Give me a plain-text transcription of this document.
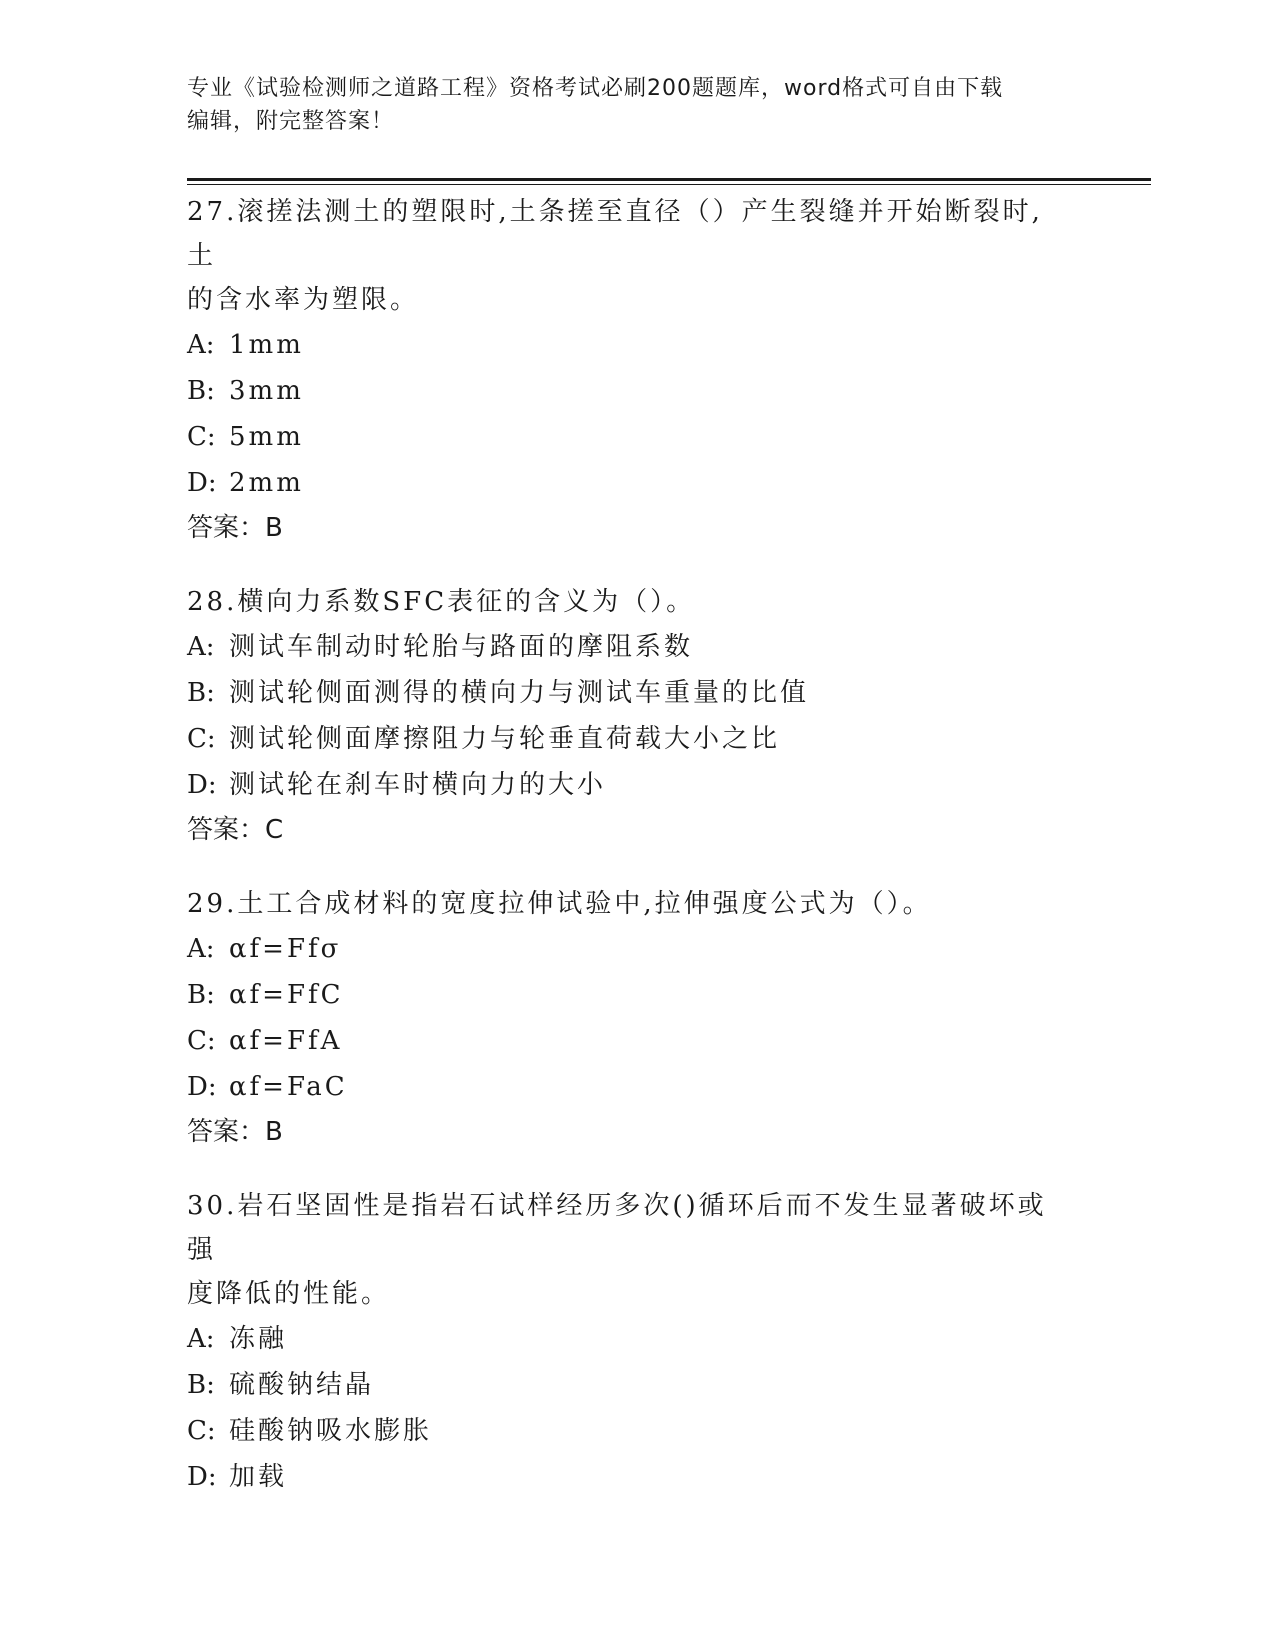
专业《试验检测师之道路工程》资格考试必刷200题题库，word格式可自由下载
编辑，附完整答案！
27.滚搓法测土的塑限时,土条搓至直径（）产生裂缝并开始断裂时,土
的含水率为塑限。
A: 1mm
B: 3mm
C: 5mm
D: 2mm
答案：B
28.横向力系数SFC表征的含义为（）。
A: 测试车制动时轮胎与路面的摩阻系数
B: 测试轮侧面测得的横向力与测试车重量的比值
C: 测试轮侧面摩擦阻力与轮垂直荷载大小之比
D: 测试轮在刹车时横向力的大小
答案：C
29.土工合成材料的宽度拉伸试验中,拉伸强度公式为（）。
A: αf=Ffσ
B: αf=FfC
C: αf=FfA
D: αf=FaC
答案：B
30.岩石坚固性是指岩石试样经历多次()循环后而不发生显著破坏或强
度降低的性能。
A: 冻融
B: 硫酸钠结晶
C: 硅酸钠吸水膨胀
D: 加载
